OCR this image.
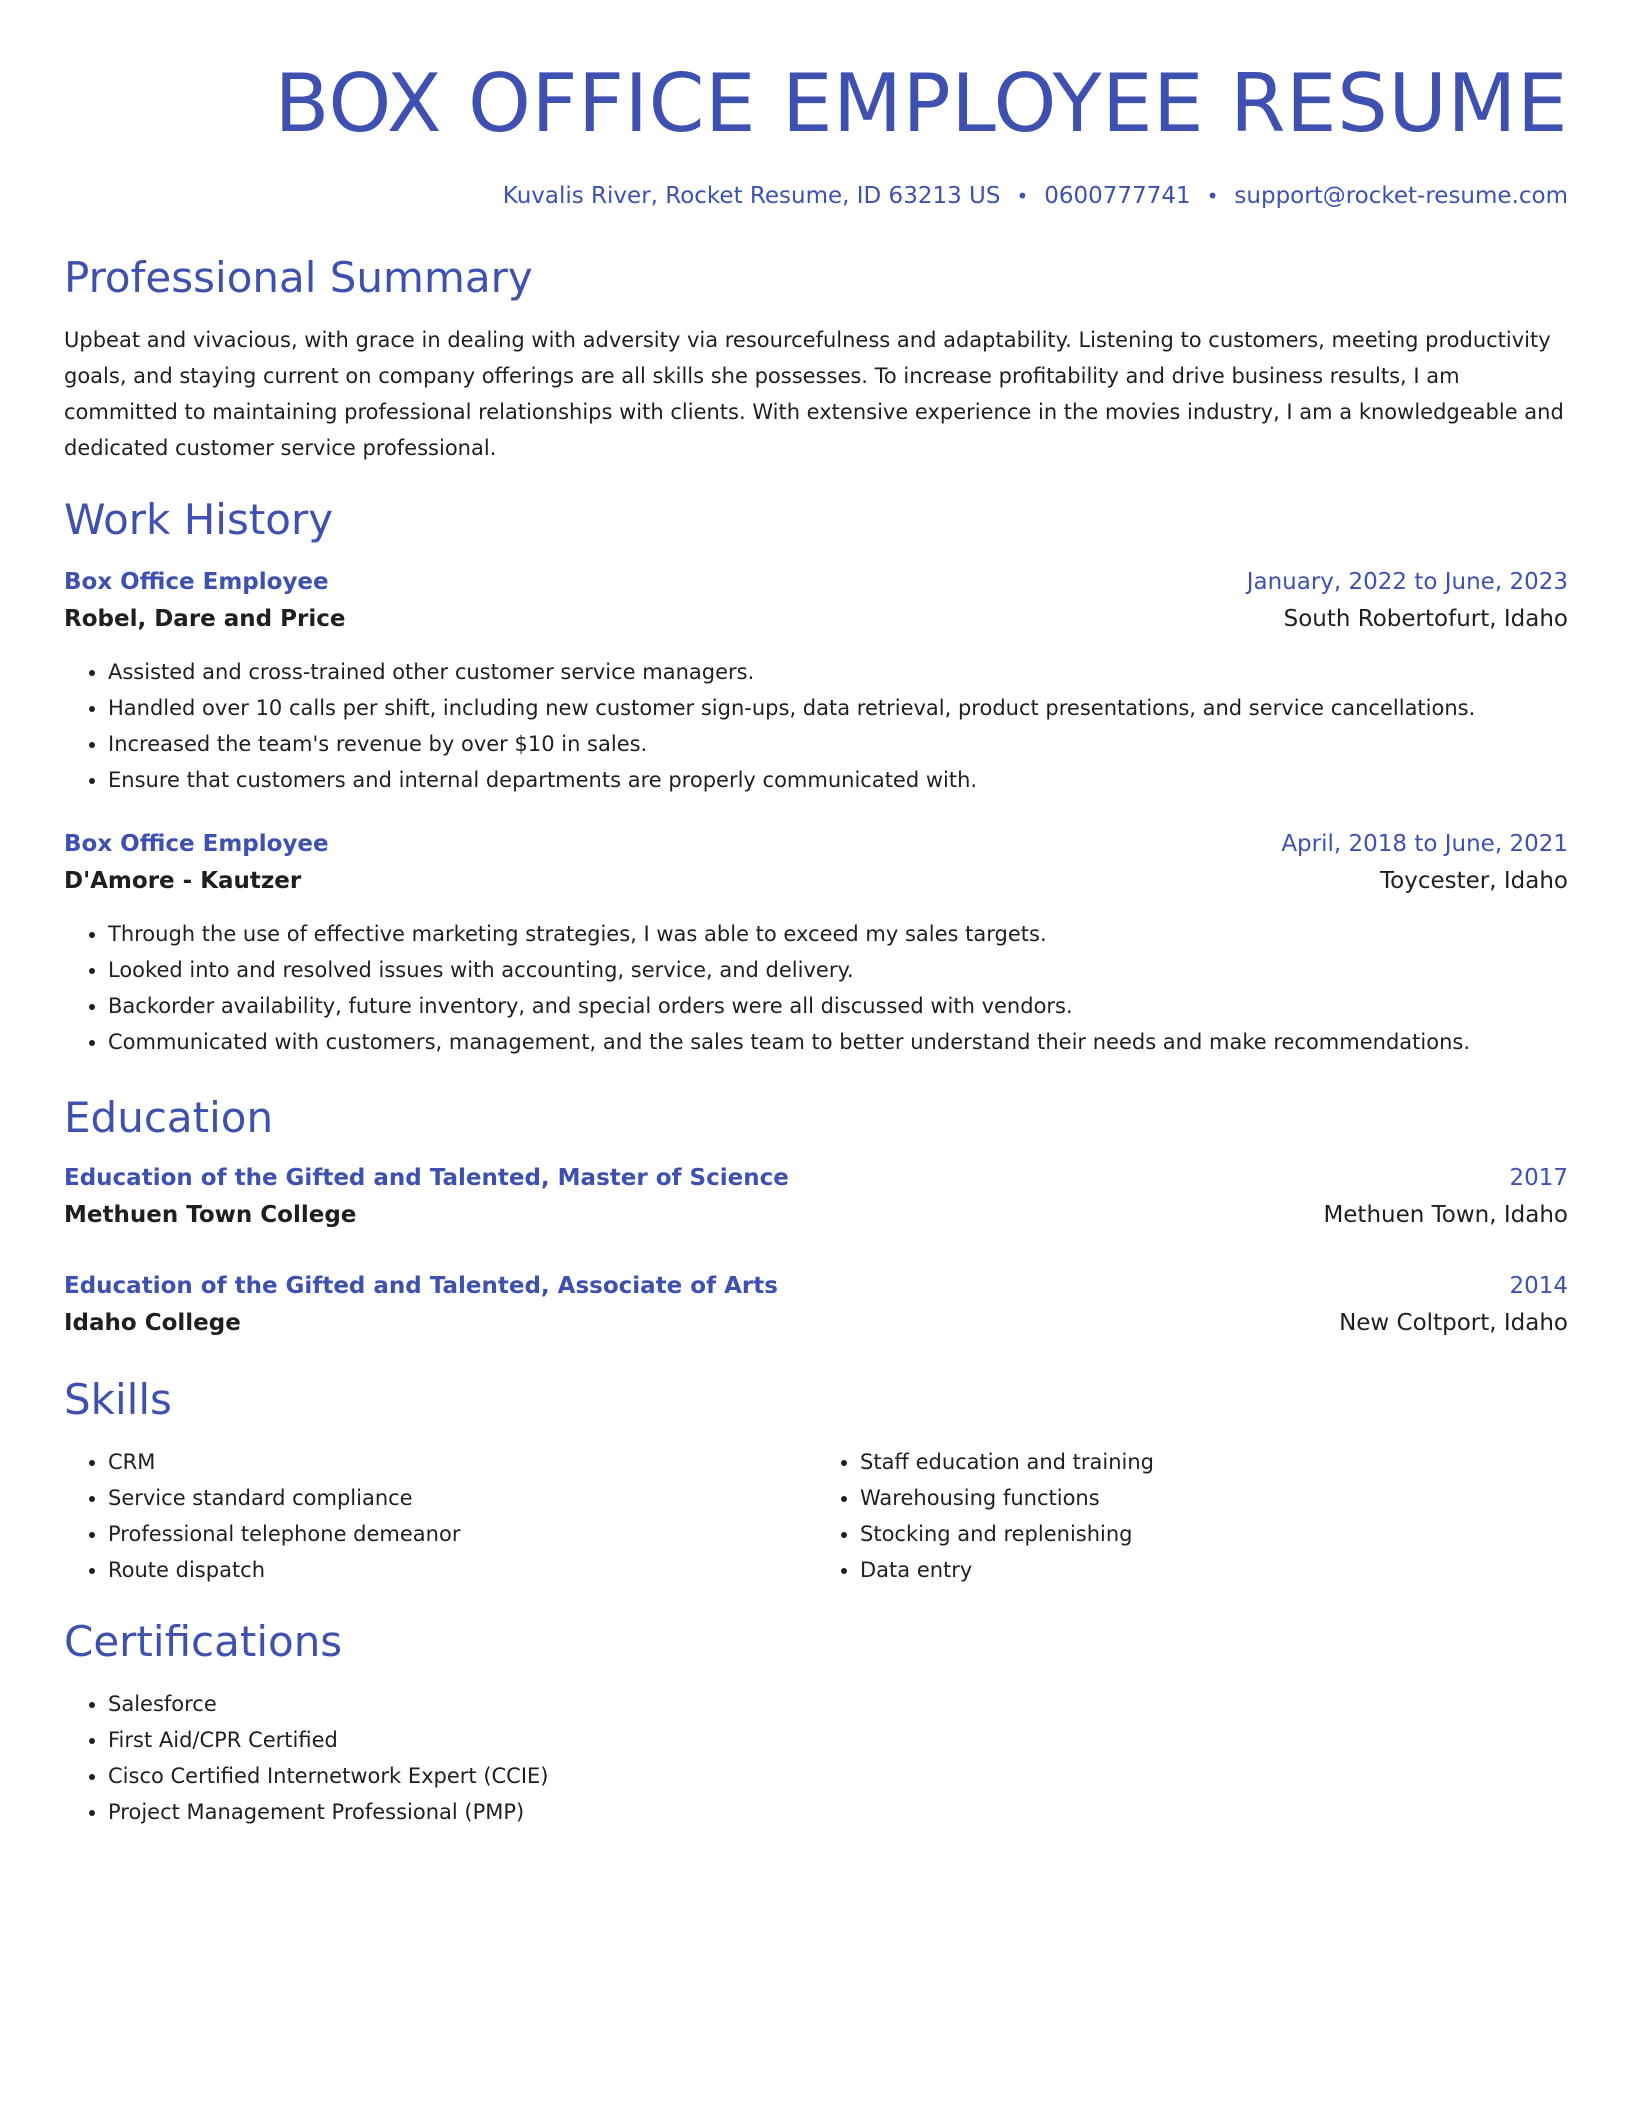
BOX OFFICE EMPLOYEE RESUME
Kuvalis River, Rocket Resume, ID 63213 US • 0600777741 • support@rocket-resume.com
Professional Summary
Upbeat and vivacious, with grace in dealing with adversity via resourcefulness and adaptability. Listening to customers, meeting productivity goals, and staying current on company offerings are all skills she possesses. To increase profitability and drive business results, I am committed to maintaining professional relationships with clients. With extensive experience in the movies industry, I am a knowledgeable and dedicated customer service professional.
Work History
Box Office Employee	January, 2022 to June, 2023
Robel, Dare and Price	South Robertofurt, Idaho
• Assisted and cross-trained other customer service managers.
• Handled over 10 calls per shift, including new customer sign-ups, data retrieval, product presentations, and service cancellations.
• Increased the team's revenue by over $10 in sales.
• Ensure that customers and internal departments are properly communicated with.
Box Office Employee	April, 2018 to June, 2021
D'Amore - Kautzer	Toycester, Idaho
• Through the use of effective marketing strategies, I was able to exceed my sales targets.
• Looked into and resolved issues with accounting, service, and delivery.
• Backorder availability, future inventory, and special orders were all discussed with vendors.
• Communicated with customers, management, and the sales team to better understand their needs and make recommendations.
Education
Education of the Gifted and Talented, Master of Science	2017
Methuen Town College	Methuen Town, Idaho
Education of the Gifted and Talented, Associate of Arts	2014
Idaho College	New Coltport, Idaho
Skills
• CRM
• Service standard compliance
• Professional telephone demeanor
• Route dispatch
• Staff education and training
• Warehousing functions
• Stocking and replenishing
• Data entry
Certifications
• Salesforce
• First Aid/CPR Certified
• Cisco Certified Internetwork Expert (CCIE)
• Project Management Professional (PMP)
